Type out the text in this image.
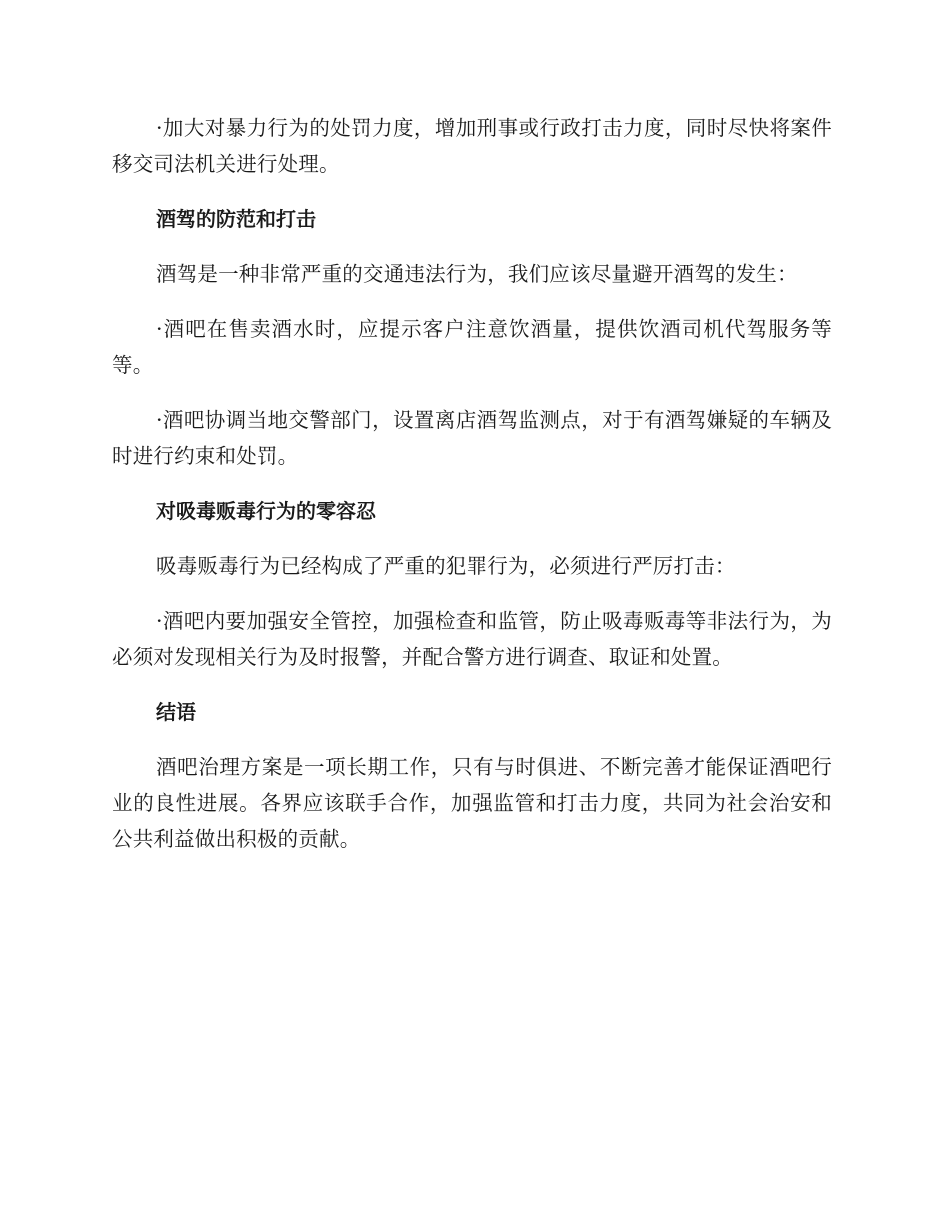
·加大对暴力行为的处罚力度，增加刑事或行政打击力度，同时尽快将案件移交司法机关进行处理。

酒驾的防范和打击

酒驾是一种非常严重的交通违法行为，我们应该尽量避开酒驾的发生：

·酒吧在售卖酒水时，应提示客户注意饮酒量，提供饮酒司机代驾服务等等。

·酒吧协调当地交警部门，设置离店酒驾监测点，对于有酒驾嫌疑的车辆及时进行约束和处罚。

对吸毒贩毒行为的零容忍

吸毒贩毒行为已经构成了严重的犯罪行为，必须进行严厉打击：

·酒吧内要加强安全管控，加强检查和监管，防止吸毒贩毒等非法行为，为必须对发现相关行为及时报警，并配合警方进行调查、取证和处置。

结语

酒吧治理方案是一项长期工作，只有与时俱进、不断完善才能保证酒吧行业的良性进展。各界应该联手合作，加强监管和打击力度，共同为社会治安和公共利益做出积极的贡献。
